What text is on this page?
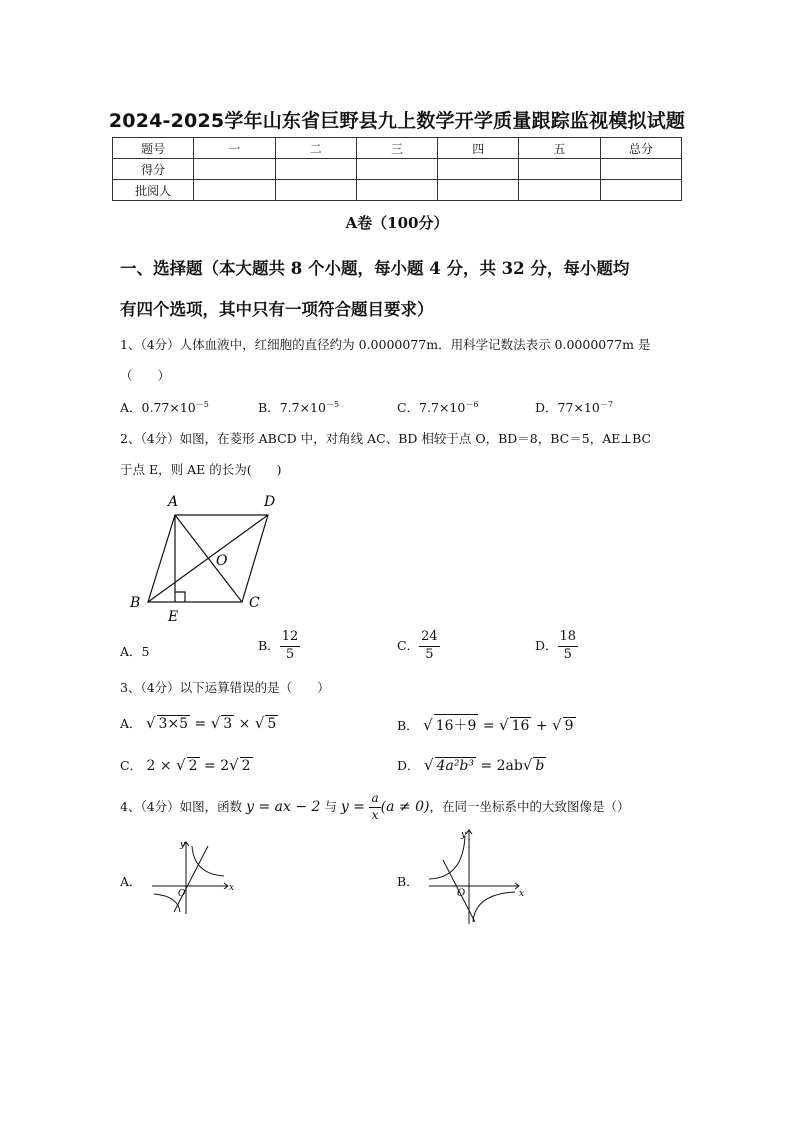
2024-2025学年山东省巨野县九上数学开学质量跟踪监视模拟试题
题号	一	二	三	四	五	总分
得分						
批阅人						
A卷（100分）
一、选择题（本大题共 8 个小题，每小题 4 分，共 32 分，每小题均
有四个选项，其中只有一项符合题目要求）
1、（4分）人体血液中，红细胞的直径约为 0.0000077m．用科学记数法表示 0.0000077m 是
（　　）
A．$0.77\times 10^{-5}$	B．$7.7\times 10^{-5}$	C．$7.7\times 10^{-6}$	D．$77\times 10^{-7}$
2、（4分）如图，在菱形 ABCD 中，对角线 AC、BD 相较于点 O，BD＝8，BC＝5，AE⊥BC
于点 E，则 AE 的长为(　　)
A	D
B	C
E
O
A．5	B． $\frac{12}{5}$	C． $\frac{24}{5}$	D． $\frac{18}{5}$
3、（4分）以下运算错误的是（　　）
A． √ 3×5 = √ 3 × √ 5	B． √ 16＋9 = √ 16 + √ 9
C． 2 × √ 2 = 2√ 2	D． √ 4a²b³ = 2ab√ b
4、（4分）如图，函数 y = ax − 2 与 $y = \frac{a}{x} (a \ne 0)$，在同一坐标系中的大致图像是（）
A．	x
y
O
B．
x
y
O
